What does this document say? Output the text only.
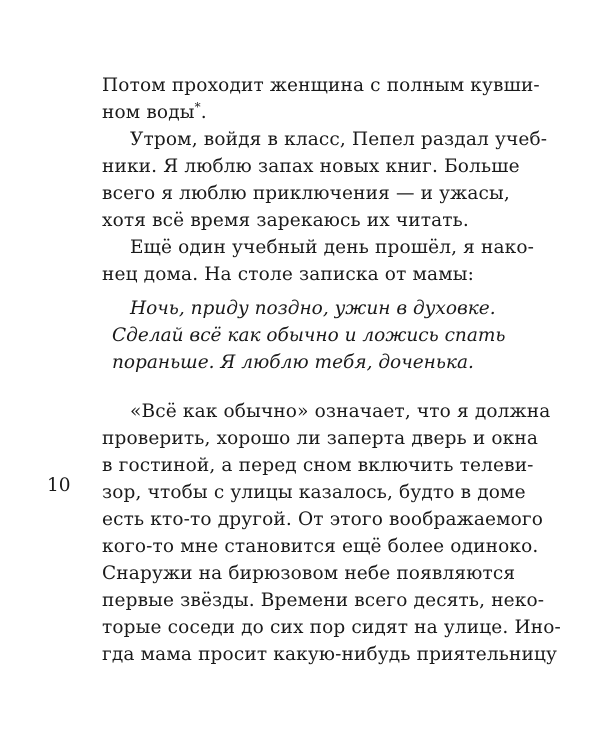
Потом проходит женщина с полным кувши-
ном воды*.
Утром, войдя в класс, Пепел раздал учеб-
ники. Я люблю запах новых книг. Больше
всего я люблю приключения — и ужасы,
хотя всё время зарекаюсь их читать.
Ещё один учебный день прошёл, я нако-
нец дома. На столе записка от мамы:
Ночь, приду поздно, ужин в духовке.
Сделай всё как обычно и ложись спать
пораньше. Я люблю тебя, доченька.
10
«Всё как обычно» означает, что я должна
проверить, хорошо ли заперта дверь и окна
в гостиной, а перед сном включить телеви-
зор, чтобы с улицы казалось, будто в доме
есть кто-то другой. От этого воображаемого
кого-то мне становится ещё более одиноко.
Снаружи на бирюзовом небе появляются
первые звёзды. Времени всего десять, неко-
торые соседи до сих пор сидят на улице. Ино-
гда мама просит какую-нибудь приятельницу
